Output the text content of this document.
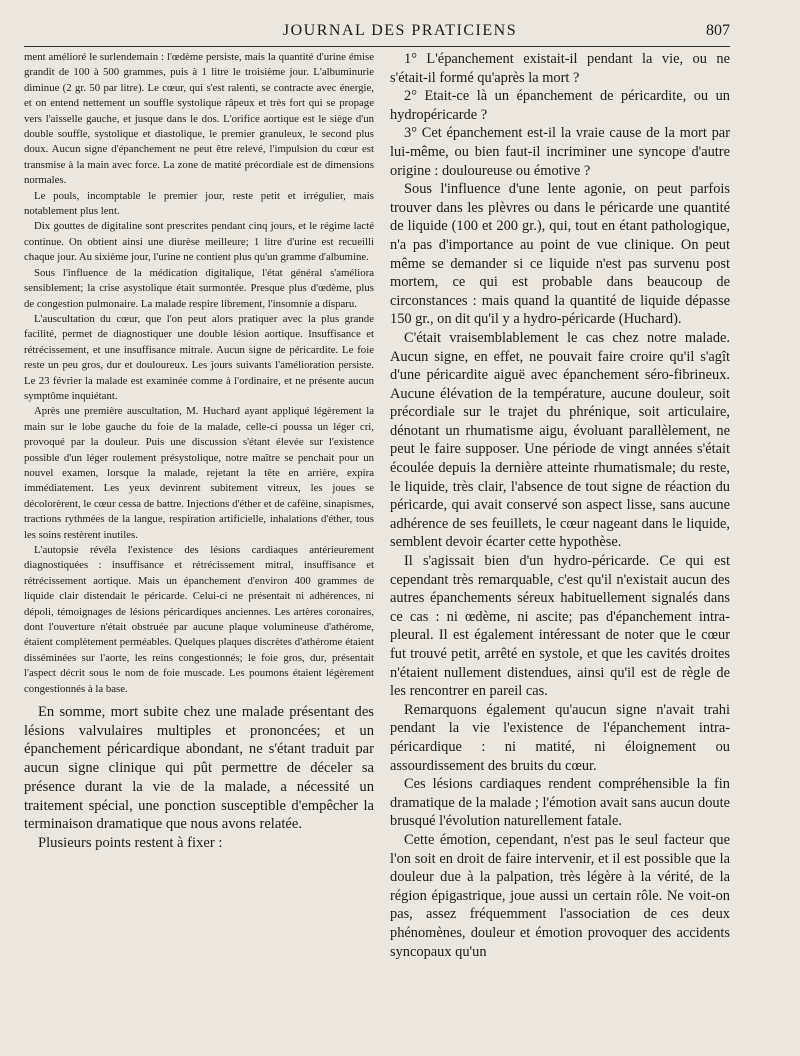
JOURNAL DES PRATICIENS	807

ment amélioré le surlendemain : l'œdème persiste, mais la quantité d'urine émise grandit de 100 à 500 grammes, puis à 1 litre le troisième jour. L'albuminurie diminue (2 gr. 50 par litre). Le cœur, qui s'est ralenti, se contracte avec énergie, et on entend nettement un souffle systolique râpeux et très fort qui se propage vers l'aisselle gauche, et jusque dans le dos. L'orifice aortique est le siège d'un double souffle, systolique et diastolique, le premier granuleux, le second plus doux. Aucun signe d'épanchement ne peut être relevé, l'impulsion du cœur est transmise à la main avec force. La zone de matité précordiale est de dimensions normales.

Le pouls, incomptable le premier jour, reste petit et irrégulier, mais notablement plus lent.

Dix gouttes de digitaline sont prescrites pendant cinq jours, et le régime lacté continue. On obtient ainsi une diurèse meilleure; 1 litre d'urine est recueilli chaque jour. Au sixième jour, l'urine ne contient plus qu'un gramme d'albumine.

Sous l'influence de la médication digitalique, l'état général s'améliora sensiblement; la crise asystolique était surmontée. Presque plus d'œdème, plus de congestion pulmonaire. La malade respire librement, l'insomnie a disparu.

L'auscultation du cœur, que l'on peut alors pratiquer avec la plus grande facilité, permet de diagnostiquer une double lésion aortique. Insuffisance et rétrécissement, et une insuffisance mitrale. Aucun signe de péricardite. Le foie reste un peu gros, dur et douloureux. Les jours suivants l'amélioration persiste. Le 23 février la malade est examinée comme à l'ordinaire, et ne présente aucun symptôme inquiétant.

Après une première auscultation, M. Huchard ayant appliqué légèrement la main sur le lobe gauche du foie de la malade, celle-ci poussa un léger cri, provoqué par la douleur. Puis une discussion s'étant élevée sur l'existence possible d'un léger roulement présystolique, notre maître se penchait pour un nouvel examen, lorsque la malade, rejetant la tête en arrière, expira immédiatement. Les yeux devinrent subitement vitreux, les joues se décolorèrent, le cœur cessa de battre. Injections d'éther et de caféine, sinapismes, tractions rythmées de la langue, respiration artificielle, inhalations d'éther, tous les soins restèrent inutiles.

L'autopsie révéla l'existence des lésions cardiaques antérieurement diagnostiquées : insuffisance et rétrécissement mitral, insuffisance et rétrécissement aortique. Mais un épanchement d'environ 400 grammes de liquide clair distendait le péricarde. Celui-ci ne présentait ni adhérences, ni dépoli, témoignages de lésions péricardiques anciennes. Les artères coronaires, dont l'ouverture n'était obstruée par aucune plaque volumineuse d'athérome, étaient complètement perméables. Quelques plaques discrètes d'athérome étaient disséminées sur l'aorte, les reins congestionnés; le foie gros, dur, présentait l'aspect décrit sous le nom de foie muscade. Les poumons étaient légèrement congestionnés à la base.

En somme, mort subite chez une malade présentant des lésions valvulaires multiples et prononcées; et un épanchement péricardique abondant, ne s'étant traduit par aucun signe clinique qui pût permettre de déceler sa présence durant la vie de la malade, a nécessité un traitement spécial, une ponction susceptible d'empêcher la terminaison dramatique que nous avons relatée.

Plusieurs points restent à fixer :

1° L'épanchement existait-il pendant la vie, ou ne s'était-il formé qu'après la mort ?

2° Etait-ce là un épanchement de péricardite, ou un hydropéricarde ?

3° Cet épanchement est-il la vraie cause de la mort par lui-même, ou bien faut-il incriminer une syncope d'autre origine : douloureuse ou émotive ?

Sous l'influence d'une lente agonie, on peut parfois trouver dans les plèvres ou dans le péricarde une quantité de liquide (100 et 200 gr.), qui, tout en étant pathologique, n'a pas d'importance au point de vue clinique. On peut même se demander si ce liquide n'est pas survenu post mortem, ce qui est probable dans beaucoup de circonstances : mais quand la quantité de liquide dépasse 150 gr., on dit qu'il y a hydro-péricarde (Huchard).

C'était vraisemblablement le cas chez notre malade. Aucun signe, en effet, ne pouvait faire croire qu'il s'agît d'une péricardite aiguë avec épanchement séro-fibrineux. Aucune élévation de la température, aucune douleur, soit précordiale sur le trajet du phrénique, soit articulaire, dénotant un rhumatisme aigu, évoluant parallèlement, ne peut le faire supposer. Une période de vingt années s'était écoulée depuis la dernière atteinte rhumatismale; du reste, le liquide, très clair, l'absence de tout signe de réaction du péricarde, qui avait conservé son aspect lisse, sans aucune adhérence de ses feuillets, le cœur nageant dans le liquide, semblent devoir écarter cette hypothèse.

Il s'agissait bien d'un hydro-péricarde. Ce qui est cependant très remarquable, c'est qu'il n'existait aucun des autres épanchements séreux habituellement signalés dans ce cas : ni œdème, ni ascite; pas d'épanchement intra-pleural. Il est également intéressant de noter que le cœur fut trouvé petit, arrêté en systole, et que les cavités droites n'étaient nullement distendues, ainsi qu'il est de règle de les rencontrer en pareil cas.

Remarquons également qu'aucun signe n'avait trahi pendant la vie l'existence de l'épanchement intra-péricardique : ni matité, ni éloignement ou assourdissement des bruits du cœur.

Ces lésions cardiaques rendent compréhensible la fin dramatique de la malade ; l'émotion avait sans aucun doute brusqué l'évolution naturellement fatale.

Cette émotion, cependant, n'est pas le seul facteur que l'on soit en droit de faire intervenir, et il est possible que la douleur due à la palpation, très légère à la vérité, de la région épigastrique, joue aussi un certain rôle. Ne voit-on pas, assez fréquemment l'association de ces deux phénomènes, douleur et émotion provoquer des accidents syncopaux qu'un
